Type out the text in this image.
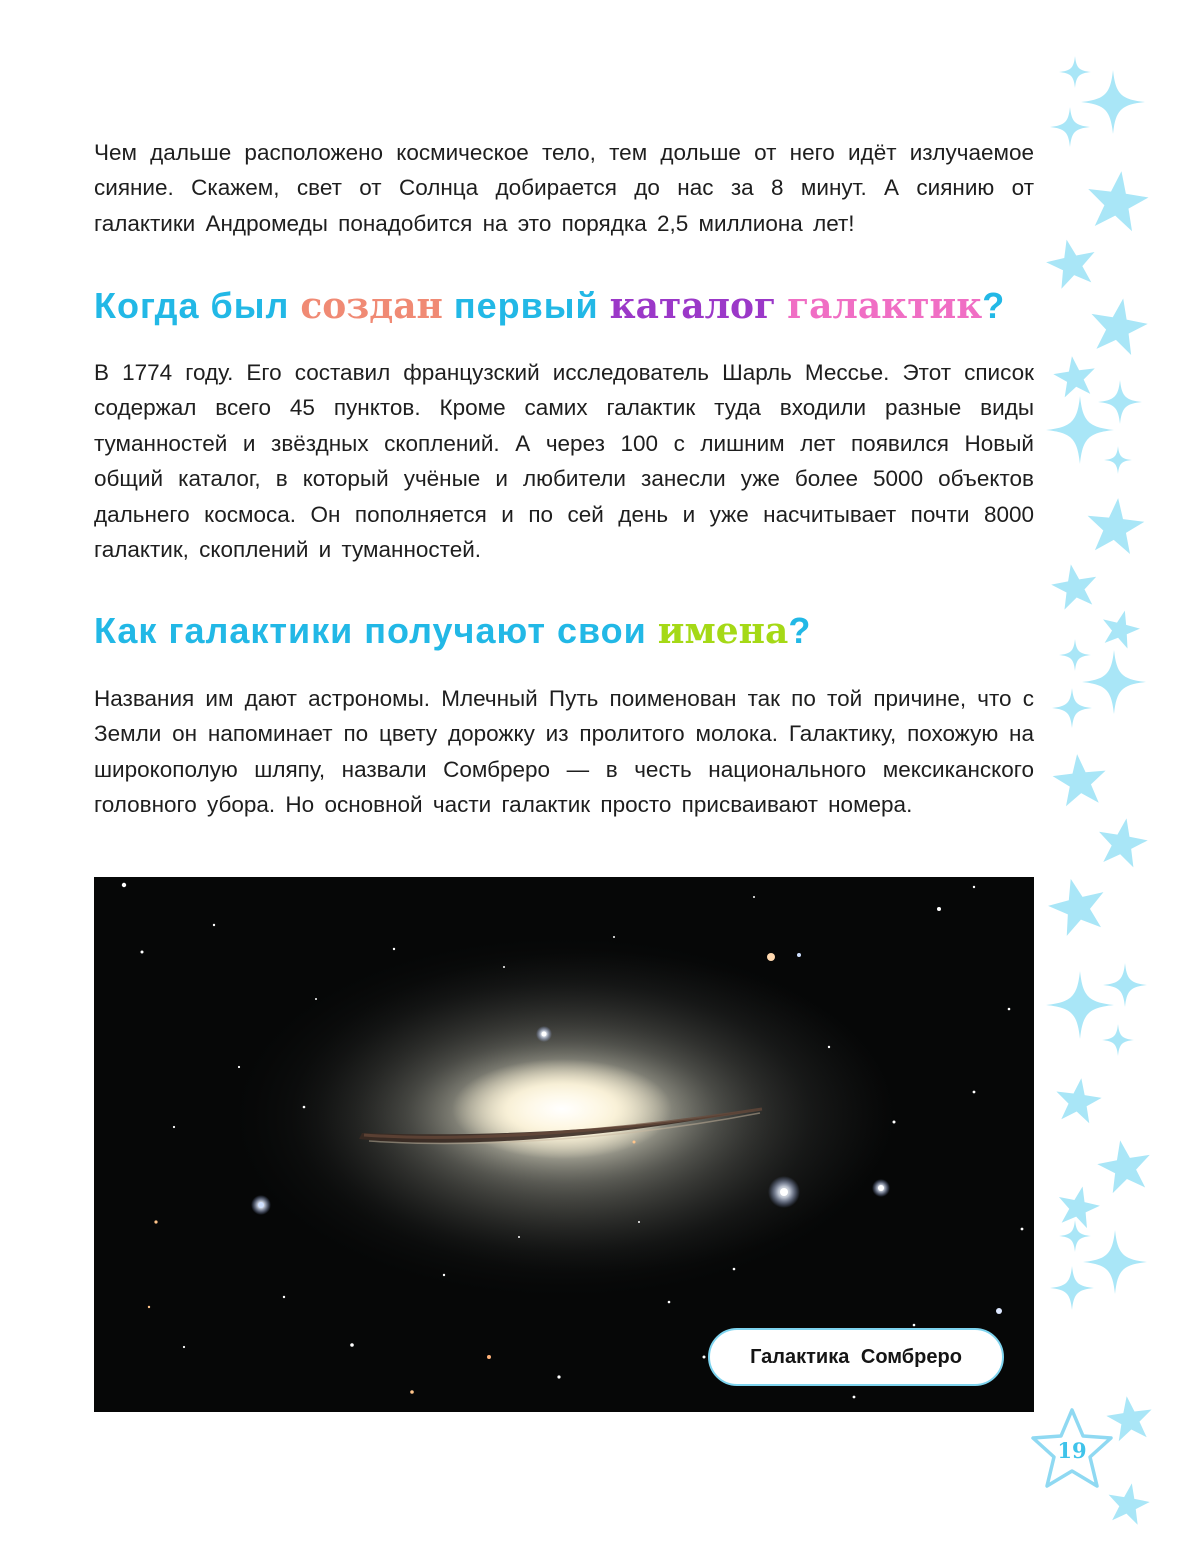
Чем дальше расположено космическое тело, тем дольше от него идёт излучаемое сияние. Скажем, свет от Солнца добирается до нас за 8 минут. А сиянию от галактики Андромеды понадобится на это порядка 2,5 миллиона лет!

Когда был создан первый каталог галактик?

В 1774 году. Его составил французский исследователь Шарль Мессье. Этот список содержал всего 45 пунктов. Кроме самих галактик туда входили разные виды туманностей и звёздных скоплений. А через 100 с лишним лет появился Новый общий каталог, в который учёные и любители занесли уже более 5000 объектов дальнего космоса. Он пополняется и по сей день и уже насчитывает почти 8000 галактик, скоплений и туманностей.

Как галактики получают свои имена?

Названия им дают астрономы. Млечный Путь поименован так по той причине, что с Земли он напоминает по цвету дорожку из пролитого молока. Галактику, похожую на широкополую шляпу, назвали Сомбреро — в честь национального мексиканского головного убора. Но основной части галактик просто присваивают номера.

Галактика Сомбреро
19
